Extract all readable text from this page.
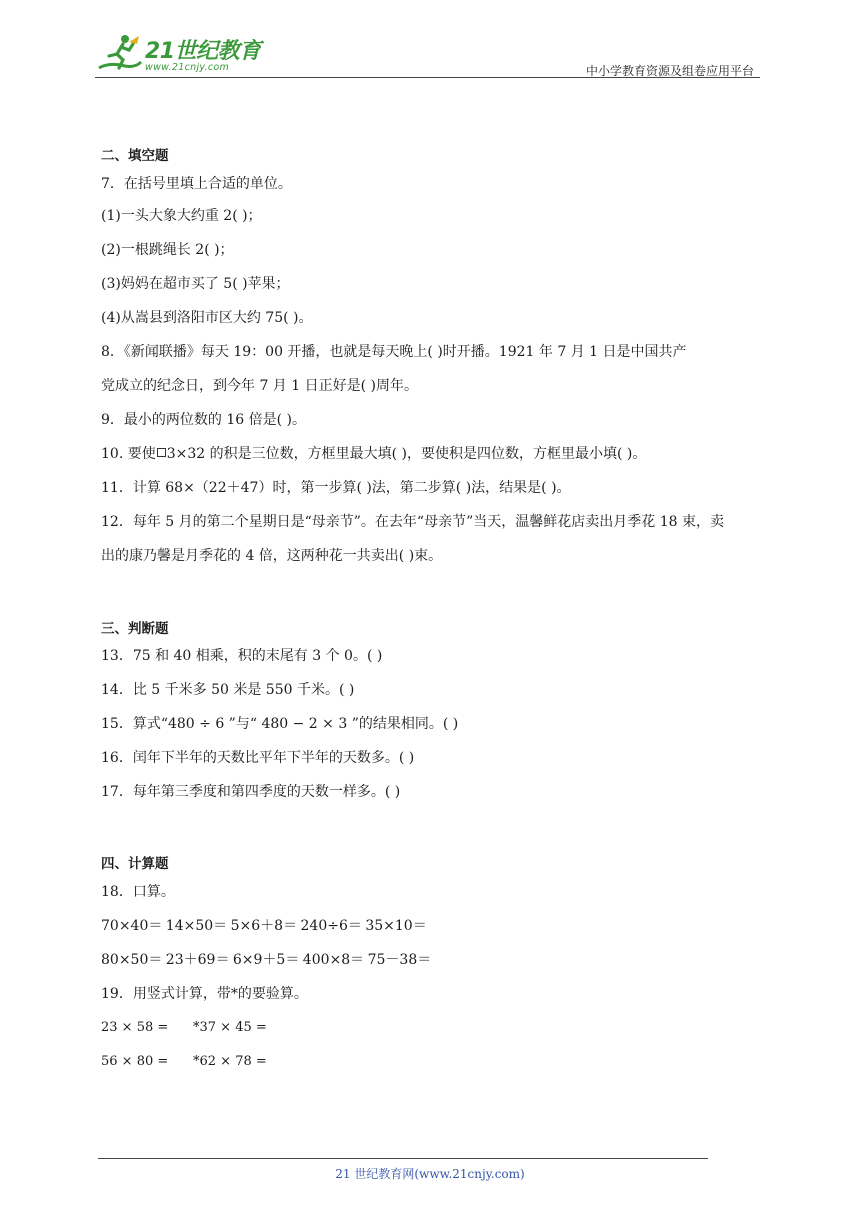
21世纪教育
www.21cnjy.com	中小学教育资源及组卷应用平台
二、填空题
7．在括号里填上合适的单位。
(1)一头大象大约重 2( )；
(2)一根跳绳长 2( )；
(3)妈妈在超市买了 5( )苹果；
(4)从嵩县到洛阳市区大约 75( )。
8．《新闻联播》每天 19：00 开播，也就是每天晚上( )时开播。1921 年 7 月 1 日是中国共产
党成立的纪念日，到今年 7 月 1 日正好是( )周年。
9．最小的两位数的 16 倍是( )。
10. 要使 3×32 的积是三位数，方框里最大填( )，要使积是四位数，方框里最小填( )。
11．计算 68×（22＋47）时，第一步算( )法，第二步算( )法，结果是( )。
12．每年 5 月的第二个星期日是“母亲节”。在去年“母亲节”当天，温馨鲜花店卖出月季花 18 束，卖
出的康乃馨是月季花的 4 倍，这两种花一共卖出( )束。
三、判断题
13．75 和 40 相乘，积的末尾有 3 个 0。( )
14．比 5 千米多 50 米是 550 千米。( )
15．算式“480 ÷ 6 ”与“ 480 − 2 × 3 ”的结果相同。( )
16．闰年下半年的天数比平年下半年的天数多。( )
17．每年第三季度和第四季度的天数一样多。( )
四、计算题
18．口算。
70×40＝ 14×50＝ 5×6＋8＝ 240÷6＝ 35×10＝
80×50＝ 23＋69＝ 6×9＋5＝ 400×8＝ 75－38＝
19．用竖式计算，带*的要验算。
23 × 58 = *37 × 45 =
56 × 80 = *62 × 78 =
21 世纪教育网(www.21cnjy.com)
